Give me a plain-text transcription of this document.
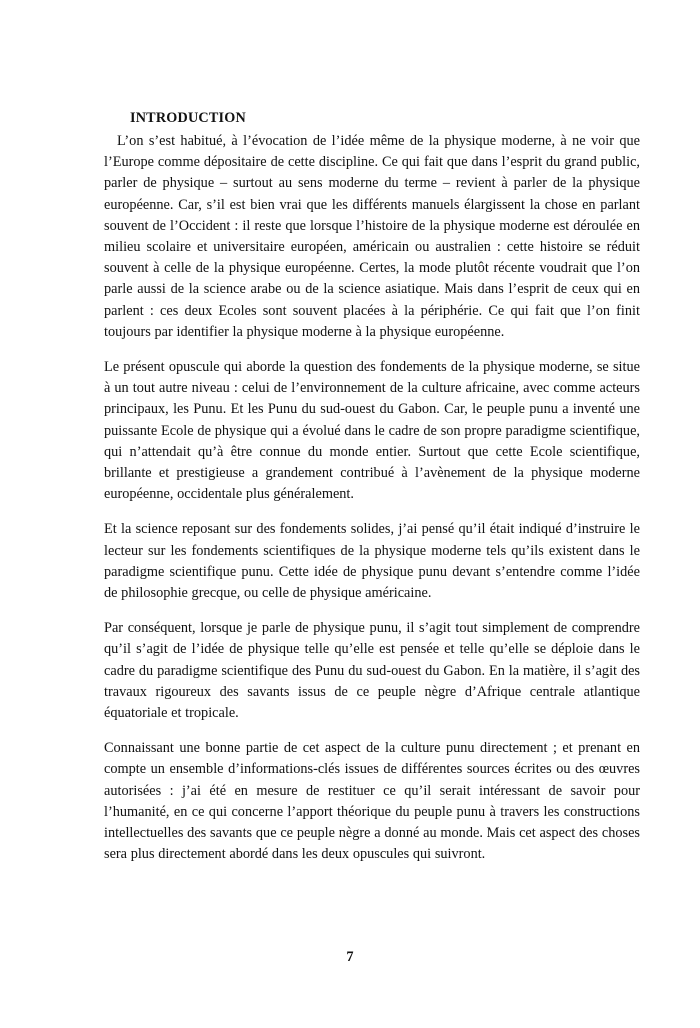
INTRODUCTION

L’on s’est habitué, à l’évocation de l’idée même de la physique moderne, à ne voir que l’Europe comme dépositaire de cette discipline. Ce qui fait que dans l’esprit du grand public, parler de physique – surtout au sens moderne du terme – revient à parler de la physique européenne. Car, s’il est bien vrai que les différents manuels élargissent la chose en parlant souvent de l’Occident : il reste que lorsque l’histoire de la physique moderne est déroulée en milieu scolaire et universitaire européen, américain ou australien : cette histoire se réduit souvent à celle de la physique européenne. Certes, la mode plutôt récente voudrait que l’on parle aussi de la science arabe ou de la science asiatique. Mais dans l’esprit de ceux qui en parlent : ces deux Ecoles sont souvent placées à la périphérie. Ce qui fait que l’on finit toujours par identifier la physique moderne à la physique européenne.

Le présent opuscule qui aborde la question des fondements de la physique moderne, se situe à un tout autre niveau : celui de l’environnement de la culture africaine, avec comme acteurs principaux, les Punu. Et les Punu du sud-ouest du Gabon. Car, le peuple punu a inventé une puissante Ecole de physique qui a évolué dans le cadre de son propre paradigme scientifique, qui n’attendait qu’à être connue du monde entier. Surtout que cette Ecole scientifique, brillante et prestigieuse a grandement contribué à l’avènement de la physique moderne européenne, occidentale plus généralement.

Et la science reposant sur des fondements solides, j’ai pensé qu’il était indiqué d’instruire le lecteur sur les fondements scientifiques de la physique moderne tels qu’ils existent dans le paradigme scientifique punu. Cette idée de physique punu devant s’entendre comme l’idée de philosophie grecque, ou celle de physique américaine.

Par conséquent, lorsque je parle de physique punu, il s’agit tout simplement de comprendre qu’il s’agit de l’idée de physique telle qu’elle est pensée et telle qu’elle se déploie dans le cadre du paradigme scientifique des Punu du sud-ouest du Gabon. En la matière, il s’agit des travaux rigoureux des savants issus de ce peuple nègre d’Afrique centrale atlantique équatoriale et tropicale.

Connaissant une bonne partie de cet aspect de la culture punu directement ; et prenant en compte un ensemble d’informations-clés issues de différentes sources écrites ou des œuvres autorisées : j’ai été en mesure de restituer ce qu’il serait intéressant de savoir pour l’humanité, en ce qui concerne l’apport théorique du peuple punu à travers les constructions intellectuelles des savants que ce peuple nègre a donné au monde. Mais cet aspect des choses sera plus directement abordé dans les deux opuscules qui suivront.

7
